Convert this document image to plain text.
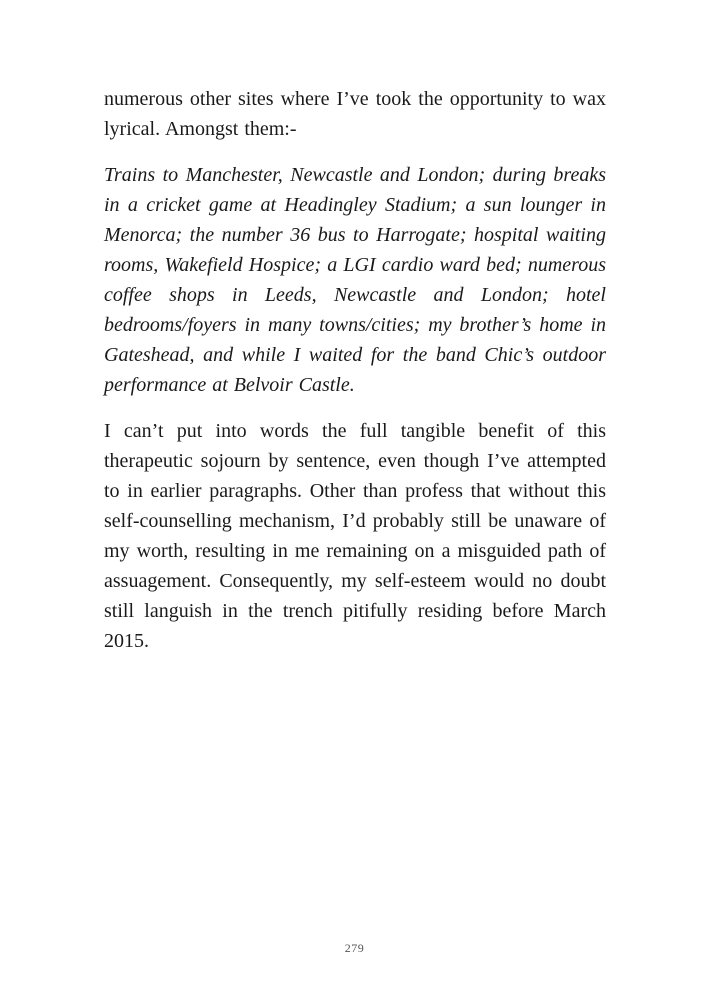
numerous other sites where I’ve took the opportunity to wax lyrical. Amongst them:-

Trains to Manchester, Newcastle and London; during breaks in a cricket game at Headingley Stadium; a sun lounger in Menorca; the number 36 bus to Harrogate; hospital waiting rooms, Wakefield Hospice; a LGI cardio ward bed; numerous coffee shops in Leeds, Newcastle and London; hotel bedrooms/foyers in many towns/cities; my brother’s home in Gateshead, and while I waited for the band Chic’s outdoor performance at Belvoir Castle.

I can’t put into words the full tangible benefit of this therapeutic sojourn by sentence, even though I’ve attempted to in earlier paragraphs. Other than profess that without this self-counselling mechanism, I’d probably still be unaware of my worth, resulting in me remaining on a misguided path of assuagement. Consequently, my self-esteem would no doubt still languish in the trench pitifully residing before March 2015.

279
